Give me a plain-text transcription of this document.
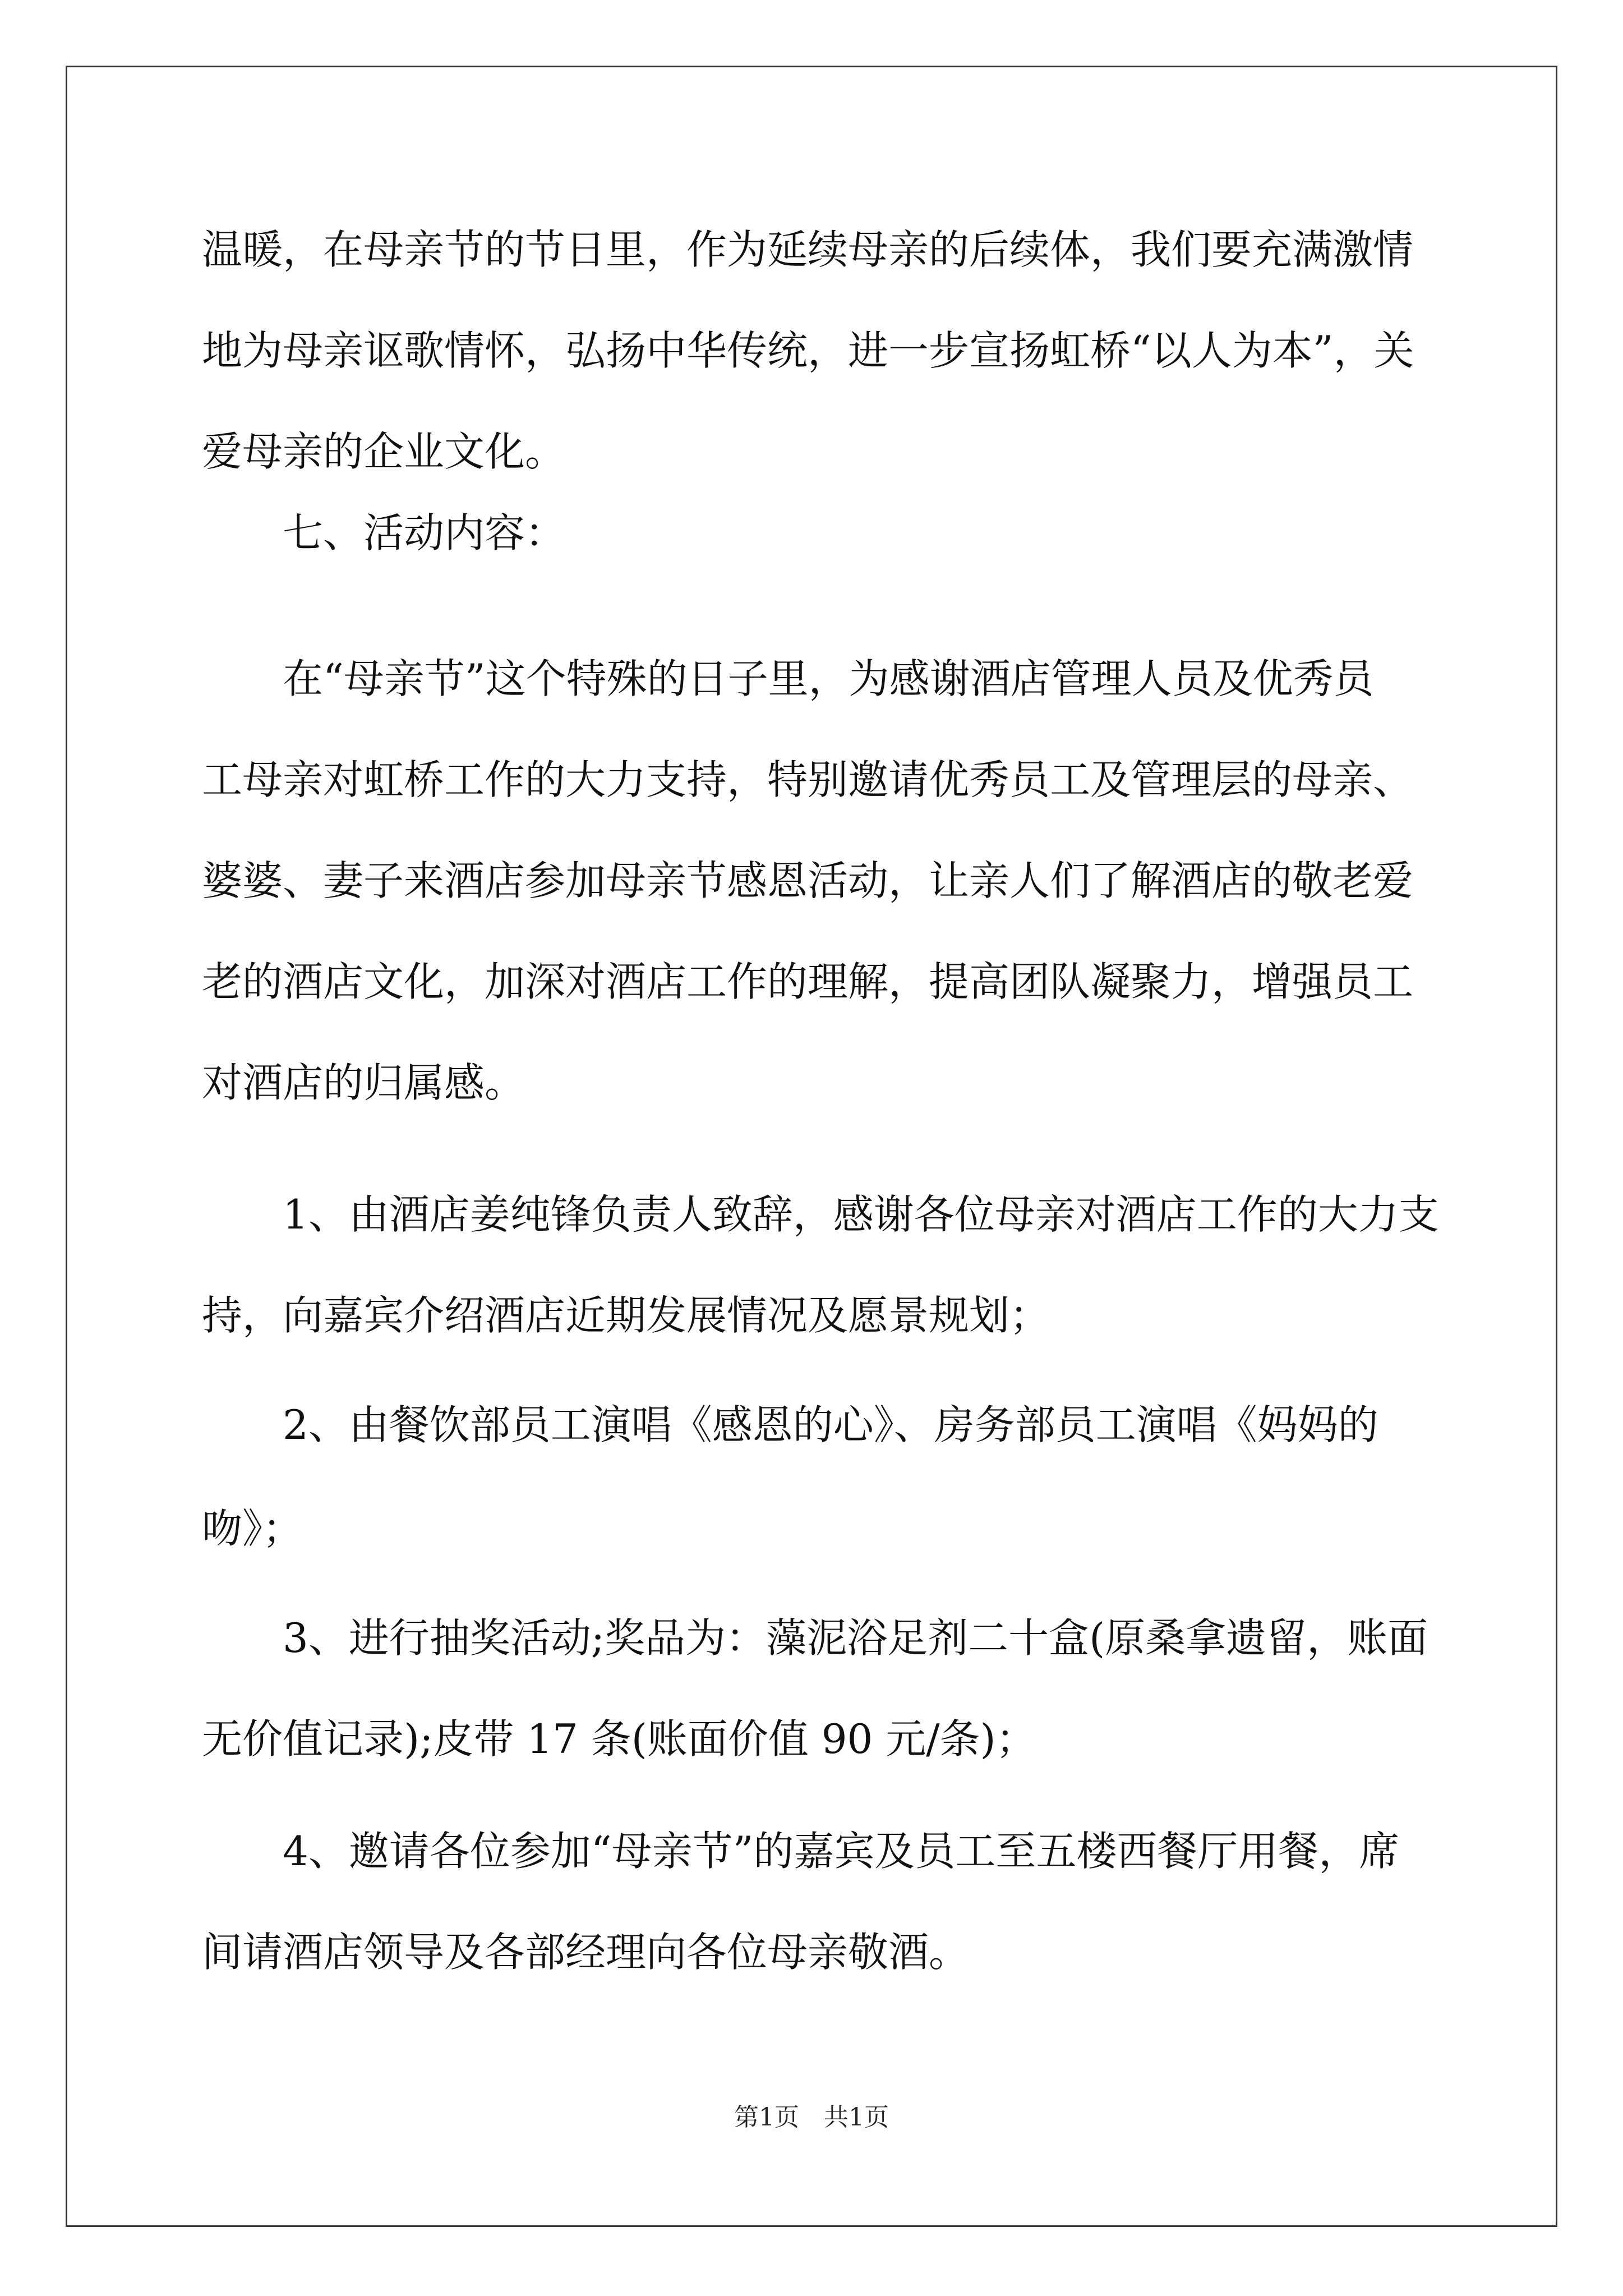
温暖，在母亲节的节日里，作为延续母亲的后续体，我们要充满激情
地为母亲讴歌情怀，弘扬中华传统，进一步宣扬虹桥“以人为本”，关
爱母亲的企业文化。
七、活动内容：
在“母亲节”这个特殊的日子里，为感谢酒店管理人员及优秀员
工母亲对虹桥工作的大力支持，特别邀请优秀员工及管理层的母亲、
婆婆、妻子来酒店参加母亲节感恩活动，让亲人们了解酒店的敬老爱
老的酒店文化，加深对酒店工作的理解，提高团队凝聚力，增强员工
对酒店的归属感。
1、由酒店姜纯锋负责人致辞，感谢各位母亲对酒店工作的大力支
持，向嘉宾介绍酒店近期发展情况及愿景规划；
2、由餐饮部员工演唱《感恩的心》、房务部员工演唱《妈妈的
吻》；
3、进行抽奖活动;奖品为：藻泥浴足剂二十盒(原桑拿遗留，账面
无价值记录);皮带 17 条(账面价值 90 元/条)；
4、邀请各位参加“母亲节”的嘉宾及员工至五楼西餐厅用餐，席
间请酒店领导及各部经理向各位母亲敬酒。
第1页　共1页
